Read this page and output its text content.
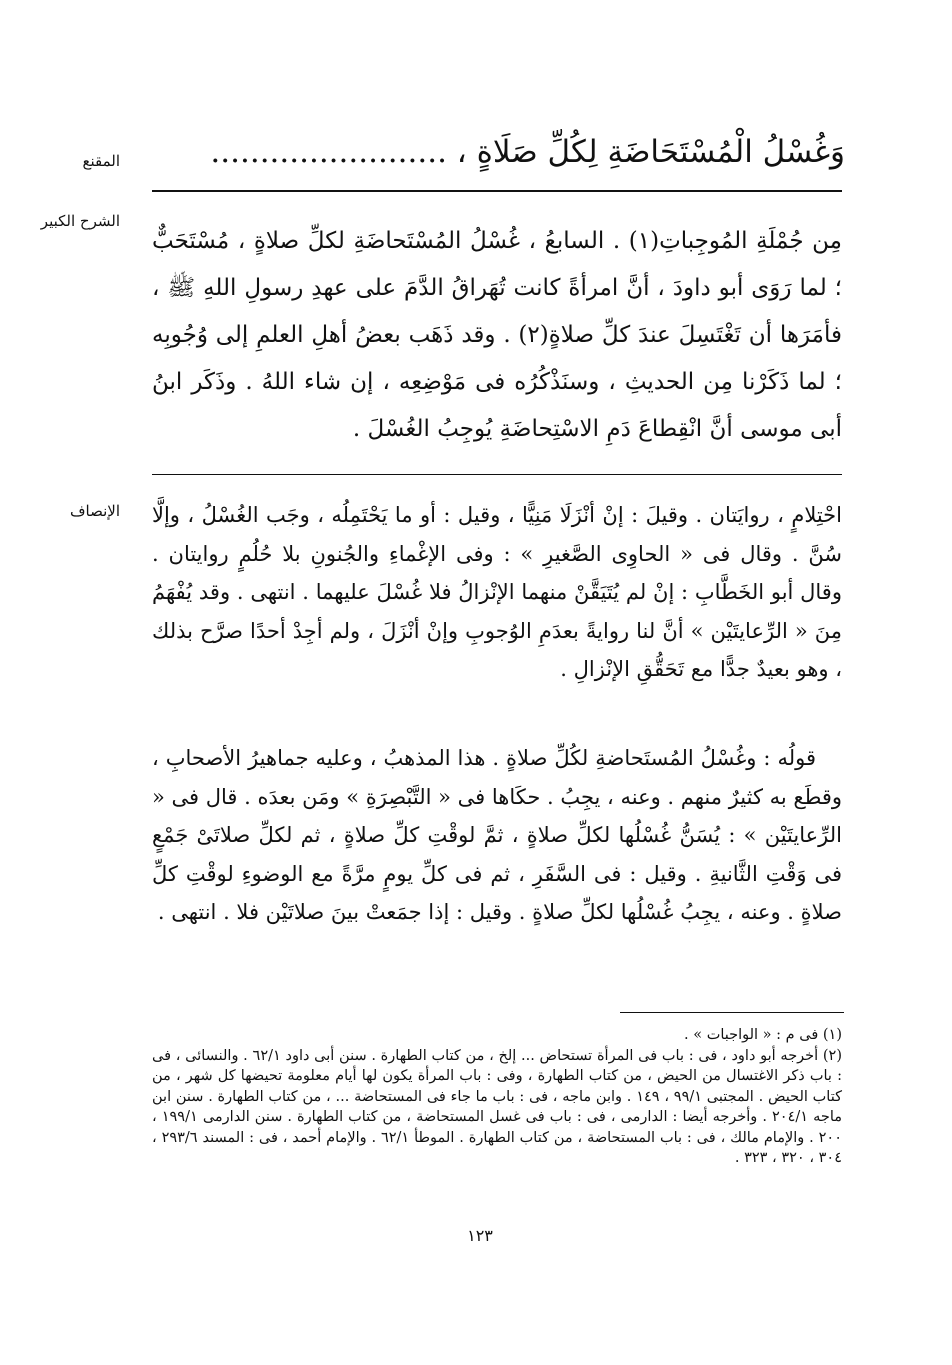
المقنع	وَغُسْلُ الْمُسْتَحَاضَةِ لِكُلِّ صَلَاةٍ ، ........................
الشرح الكبير

مِن جُمْلَةِ المُوجِباتِ(١) . السابعُ ، غُسْلُ المُسْتَحاضَةِ لكلِّ صلاةٍ ، مُسْتَحَبٌّ ؛ لما رَوَى أبو داودَ ، أنَّ امرأةً كانت تُهَراقُ الدَّمَ على عهدِ رسولِ اللهِ ﷺ ، فأمَرَها أن تَغْتَسِلَ عندَ كلِّ صلاةٍ(٢) . وقد ذَهَب بعضُ أهلِ العلمِ إلى وُجُوبِه ؛ لما ذَكَرْنا مِن الحديثِ ، وسنَذْكُرُه فى مَوْضِعِه ، إن شاء اللهُ . وذَكَر ابنُ أبى موسى أنَّ انْقِطاعَ دَمِ الاسْتِحاضَةِ يُوجِبُ الغُسْلَ .

الإنصاف احْتِلامٍ ، روايَتان . وقيلَ : إنْ أنْزَلَا مَنِيًّا ، وقيل : أو ما يَحْتَمِلُه ، وجَب الغُسْلُ ، وإلَّا سُنَّ . وقال فى « الحاوِى الصَّغيرِ » : وفى الإغْماءِ والجُنونِ بلا حُلُمٍ روايتان . وقال أبو الخَطَّابِ : إنْ لم يُتَيَقَّنْ منهما الإنْزالُ فلا غُسْلَ عليهما . انتهى . وقد يُفْهَمُ مِنَ « الرِّعايتَيْن » أنَّ لنا روايةً بعدَمِ الوُجوبِ وإنْ أنْزَلَ ، ولم أجِدْ أحدًا صرَّح بذلك ، وهو بعيدٌ جدًّا مع تَحَقُّقِ الإنْزالِ .

قولُه : وغُسْلُ المُستَحاضةِ لكُلِّ صلاةٍ . هذا المذهبُ ، وعليه جماهيرُ الأصحابِ ، وقطَع به كثيرٌ منهم . وعنه ، يجِبُ . حكَاها فى « التَّبْصِرَةِ » ومَن بعدَه . قال فى « الرِّعايتَيْن » : يُسَنُّ غُسْلُها لكلِّ صلاةٍ ، ثمَّ لوقْتِ كلِّ صلاةٍ ، ثم لكلِّ صلاتَىْ جَمْعٍ فى وَقْتِ الثَّانيةِ . وقيل : فى السَّفَرِ ، ثم فى كلِّ يومٍ مرَّةً مع الوضوءِ لوقْتِ كلِّ صلاةٍ . وعنه ، يجِبُ غُسْلُها لكلِّ صلاةٍ . وقيل : إذا جمَعتْ بينَ صلاتَيْن فلا . انتهى .

(١) فى م : « الواجبات » .

(٢) أخرجه أبو داود ، فى : باب فى المرأة تستحاض ... إلخ ، من كتاب الطهارة . سنن أبى داود ٦٢/١ . والنسائى ، فى : باب ذكر الاغتسال من الحيض ، من كتاب الطهارة ، وفى : باب المرأة يكون لها أيام معلومة تحيضها كل شهر ، من كتاب الحيض . المجتبى ٩٩/١ ، ١٤٩ . وابن ماجه ، فى : باب ما جاء فى المستحاضة ... ، من كتاب الطهارة . سنن ابن ماجه ٢٠٤/١ . وأخرجه أيضا : الدارمى ، فى : باب فى غسل المستحاضة ، من كتاب الطهارة . سنن الدارمى ١٩٩/١ ، ٢٠٠ . والإمام مالك ، فى : باب المستحاضة ، من كتاب الطهارة . الموطأ ٦٢/١ . والإمام أحمد ، فى : المسند ٢٩٣/٦ ، ٣٠٤ ، ٣٢٠ ، ٣٢٣ .

١٢٣
